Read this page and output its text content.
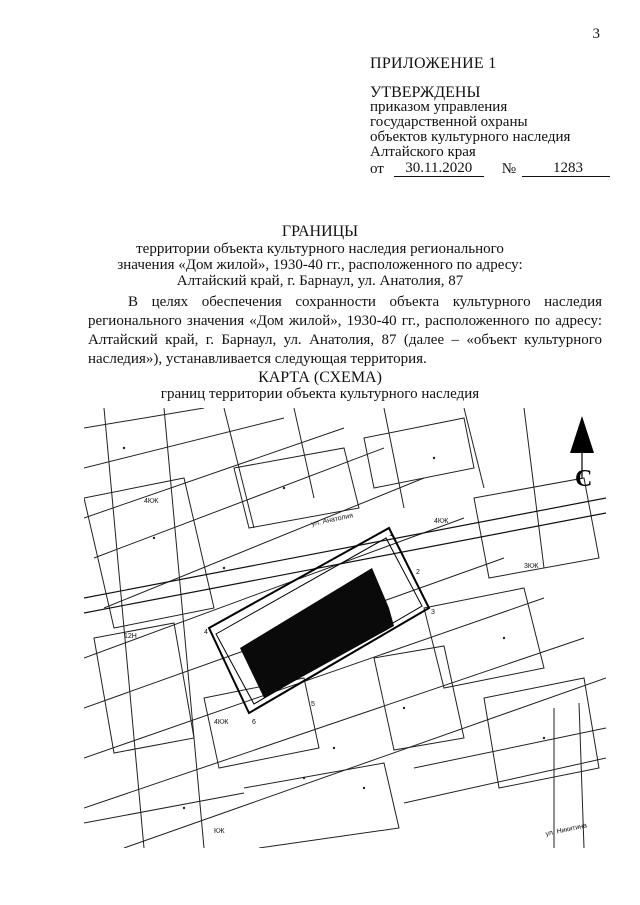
3
ПРИЛОЖЕНИЕ 1
УТВЕРЖДЕНЫ
приказом управления
государственной охраны
объектов культурного наследия
Алтайского края
от	30.11.2020	№	1283
ГРАНИЦЫ
территории объекта культурного наследия регионального
значения «Дом жилой», 1930-40 гг., расположенного по адресу:
Алтайский край, г. Барнаул, ул. Анатолия, 87
В целях обеспечения сохранности объекта культурного наследия регионального значения «Дом жилой», 1930-40 гг., расположенного по адресу: Алтайский край, г. Барнаул, ул. Анатолия, 87 (далее – «объект культурного наследия»), устанавливается следующая территория.
КАРТА (СХЕМА)
границ территории объекта культурного наследия
С
ул. Анатолия
ул. Никитина
1
2
3
4
5
6
4КЖ
4КЖ
12Н
4КЖ
3КЖ
КЖ
